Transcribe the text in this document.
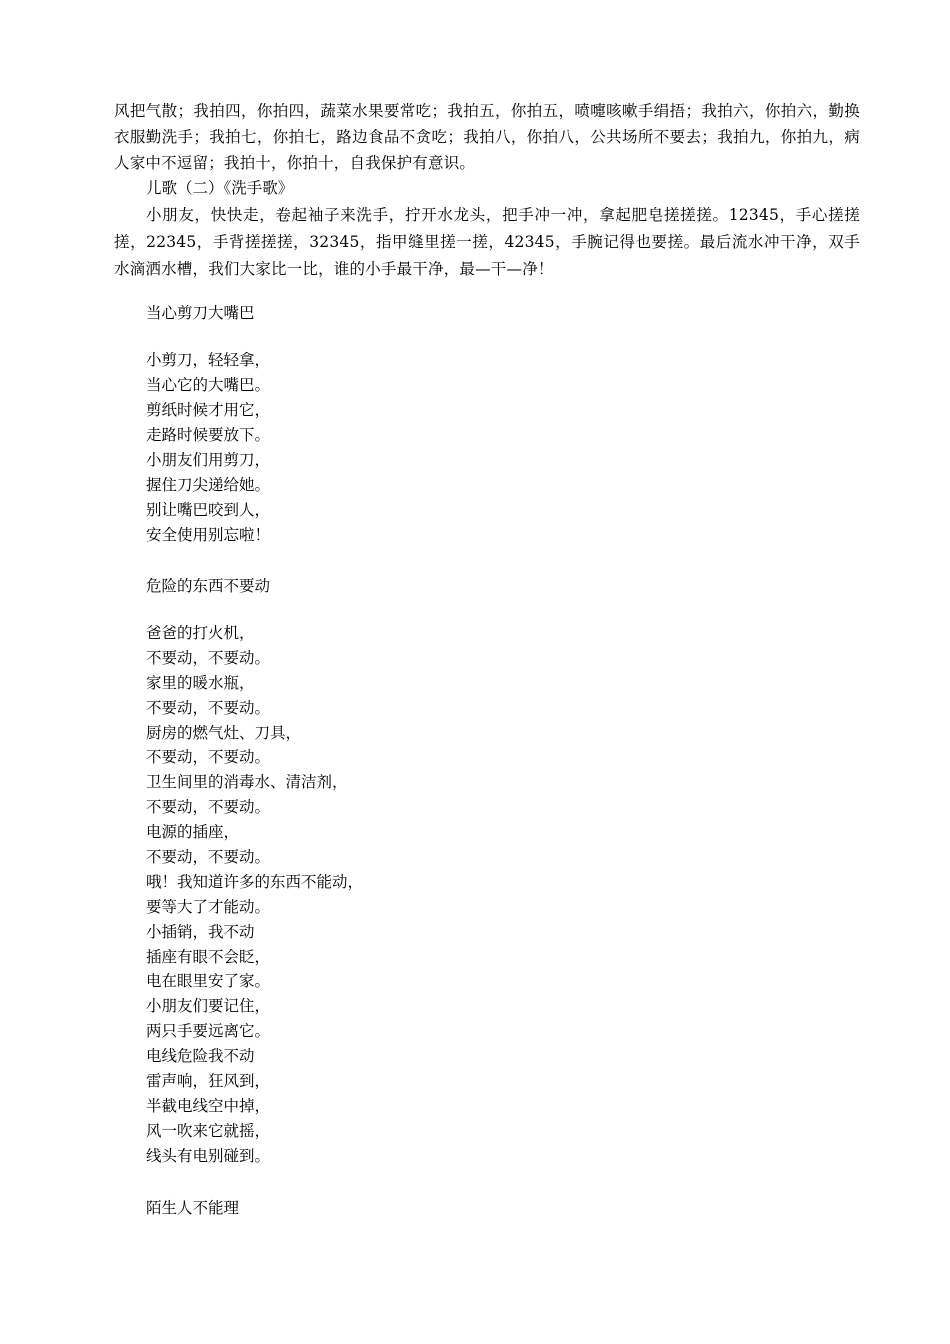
风把气散；我拍四，你拍四，蔬菜水果要常吃；我拍五，你拍五，喷嚏咳嗽手绢捂；我拍六，你拍六，勤换衣服勤洗手；我拍七，你拍七，路边食品不贪吃；我拍八，你拍八，公共场所不要去；我拍九，你拍九，病人家中不逗留；我拍十，你拍十，自我保护有意识。

儿歌（二）《洗手歌》

小朋友，快快走，卷起袖子来洗手，拧开水龙头，把手冲一冲，拿起肥皂搓搓搓。12345，手心搓搓搓，22345，手背搓搓搓，32345，指甲缝里搓一搓，42345，手腕记得也要搓。最后流水冲干净，双手水滴洒水槽，我们大家比一比，谁的小手最干净，最—干—净！

当心剪刀大嘴巴

小剪刀，轻轻拿，
当心它的大嘴巴。
剪纸时候才用它，
走路时候要放下。
小朋友们用剪刀，
握住刀尖递给她。
别让嘴巴咬到人，
安全使用别忘啦！

危险的东西不要动

爸爸的打火机，
不要动，不要动。
家里的暖水瓶，
不要动，不要动。
厨房的燃气灶、刀具，
不要动，不要动。
卫生间里的消毒水、清洁剂，
不要动，不要动。
电源的插座，
不要动，不要动。
哦！我知道许多的东西不能动，
要等大了才能动。
小插销，我不动
插座有眼不会眨，
电在眼里安了家。
小朋友们要记住，
两只手要远离它。
电线危险我不动
雷声响，狂风到，
半截电线空中掉，
风一吹来它就摇，
线头有电别碰到。

陌生人不能理
